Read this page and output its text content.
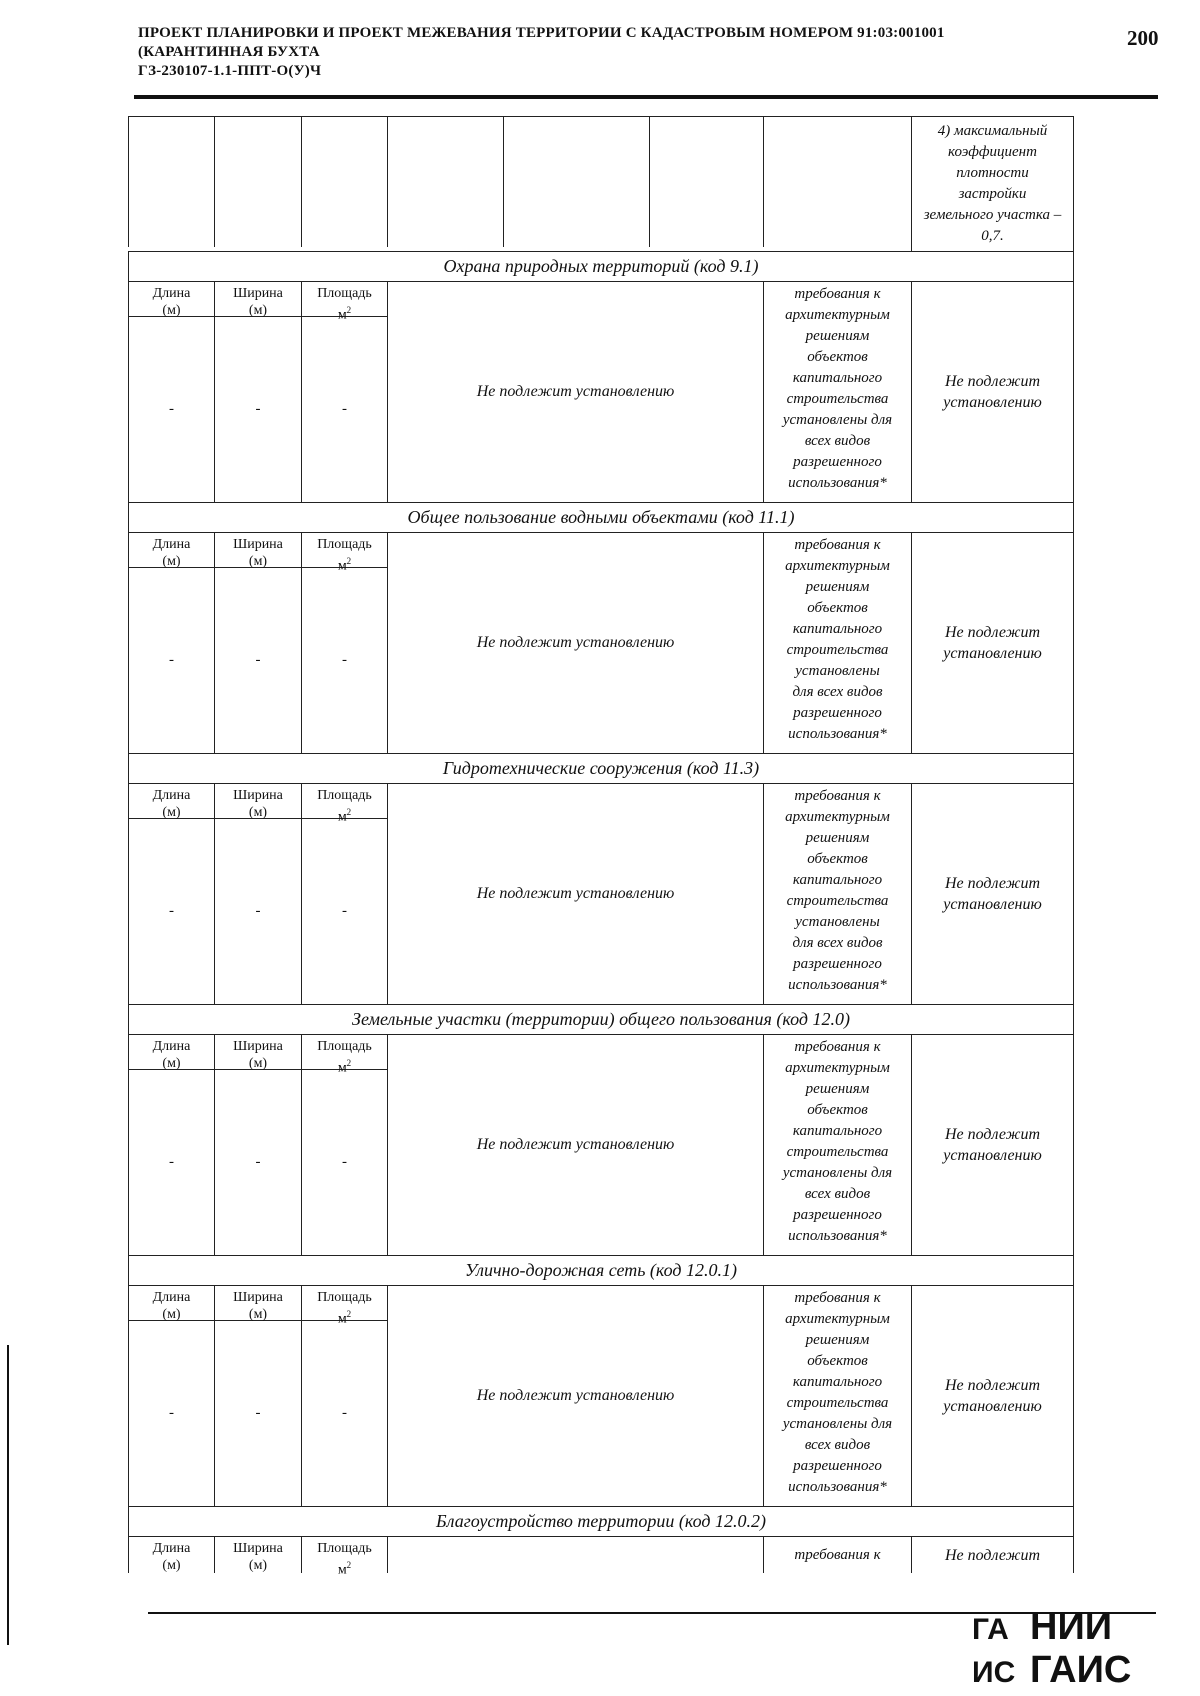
ПРОЕКТ ПЛАНИРОВКИ И ПРОЕКТ МЕЖЕВАНИЯ ТЕРРИТОРИИ С КАДАСТРОВЫМ НОМЕРОМ 91:03:001001
(КАРАНТИННАЯ БУХТА
ГЗ-230107-1.1-ППТ-О(У)Ч
200
4) максимальный
коэффициент
плотности
застройки
земельного участка –
0,7.
Охрана природных территорий (код 9.1)
Длина
(м)
-
Ширина
(м)
-
Площадь
$м^2$
-
Не подлежит установлению
требования к
архитектурным
решениям
объектов
капитального
строительства
установлены для
всех видов
разрешенного
использования*
Не подлежит
установлению
Общее пользование водными объектами (код 11.1)
Длина
(м)
-
Ширина
(м)
-
Площадь
$м^2$
-
Не подлежит установлению
требования к
архитектурным
решениям
объектов
капитального
строительства
установлены
для всех видов
разрешенного
использования*
Не подлежит
установлению
Гидротехнические сооружения (код 11.3)
Длина
(м)
-
Ширина
(м)
-
Площадь
$м^2$
-
Не подлежит установлению
требования к
архитектурным
решениям
объектов
капитального
строительства
установлены
для всех видов
разрешенного
использования*
Не подлежит
установлению
Земельные участки (территории) общего пользования (код 12.0)
Длина
(м)
-
Ширина
(м)
-
Площадь
$м^2$
-
Не подлежит установлению
требования к
архитектурным
решениям
объектов
капитального
строительства
установлены для
всех видов
разрешенного
использования*
Не подлежит
установлению
Улично-дорожная сеть (код 12.0.1)
Длина
(м)
-
Ширина
(м)
-
Площадь
$м^2$
-
Не подлежит установлению
требования к
архитектурным
решениям
объектов
капитального
строительства
установлены для
всех видов
разрешенного
использования*
Не подлежит
установлению
Благоустройство территории (код 12.0.2)
Длина
(м)
Ширина
(м)
Площадь
$м^2$
требования к	Не подлежит
ГА НИИ
ИС ГАИС
